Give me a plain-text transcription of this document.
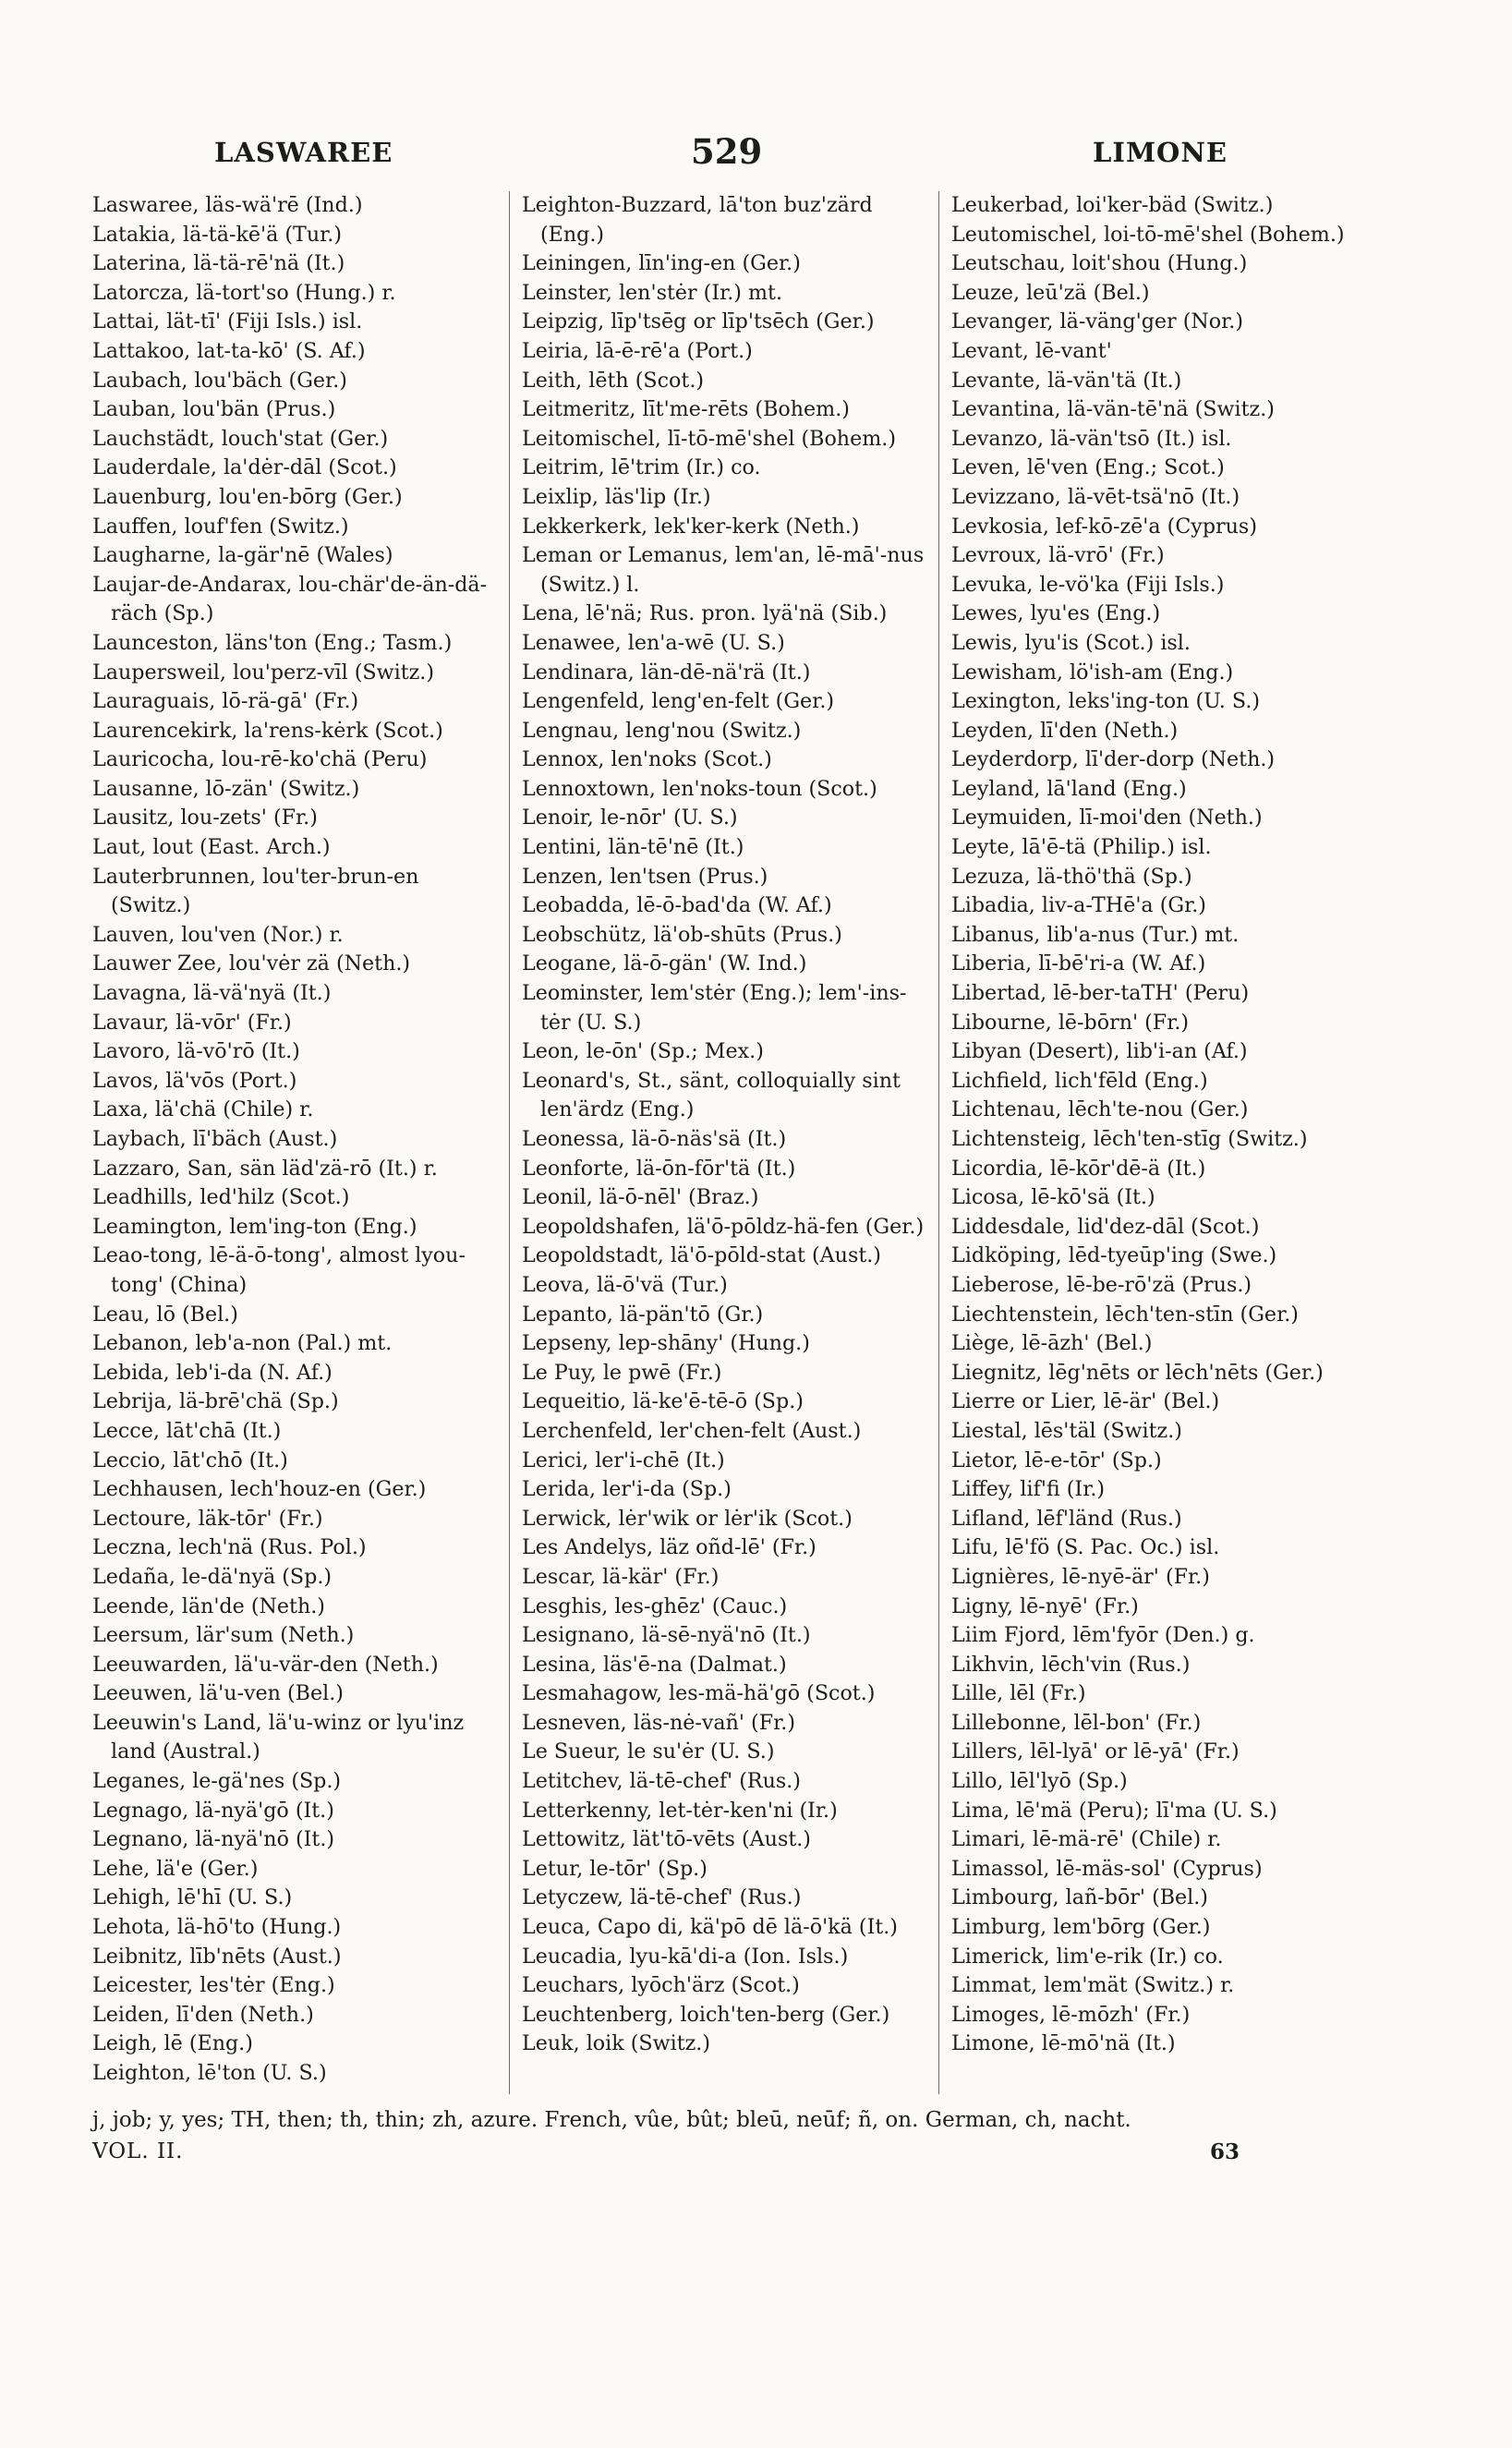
LASWAREE	529	LIMONE
Laswaree, läs-wä'rē (Ind.)
Latakia, lä-tä-kē'ä (Tur.)
Laterina, lä-tä-rē'nä (It.)
Latorcza, lä-tort'so (Hung.) r.
Lattai, lät-tī' (Fiji Isls.) isl.
Lattakoo, lat-ta-kō' (S. Af.)
Laubach, lou'bäch (Ger.)
Lauban, lou'bän (Prus.)
Lauchstädt, louch'stat (Ger.)
Lauderdale, la'dėr-dāl (Scot.)
Lauenburg, lou'en-bōrg (Ger.)
Lauffen, louf'fen (Switz.)
Laugharne, la-gär'nē (Wales)
Laujar-de-Andarax, lou-chär'de-än-dä-räch (Sp.)
Launceston, läns'ton (Eng.; Tasm.)
Laupersweil, lou'perz-vīl (Switz.)
Lauraguais, lō-rä-gā' (Fr.)
Laurencekirk, la'rens-kėrk (Scot.)
Lauricocha, lou-rē-ko'chä (Peru)
Lausanne, lō-zän' (Switz.)
Lausitz, lou-zets' (Fr.)
Laut, lout (East. Arch.)
Lauterbrunnen, lou'ter-brun-en (Switz.)
Lauven, lou'ven (Nor.) r.
Lauwer Zee, lou'vėr zä (Neth.)
Lavagna, lä-vä'nyä (It.)
Lavaur, lä-vōr' (Fr.)
Lavoro, lä-vō'rō (It.)
Lavos, lä'vōs (Port.)
Laxa, lä'chä (Chile) r.
Laybach, lī'bäch (Aust.)
Lazzaro, San, sän läd'zä-rō (It.) r.
Leadhills, led'hilz (Scot.)
Leamington, lem'ing-ton (Eng.)
Leao-tong, lē-ä-ō-tong', almost lyou-tong' (China)
Leau, lō (Bel.)
Lebanon, leb'a-non (Pal.) mt.
Lebida, leb'i-da (N. Af.)
Lebrija, lä-brē'chä (Sp.)
Lecce, lāt'chā (It.)
Leccio, lāt'chō (It.)
Lechhausen, lech'houz-en (Ger.)
Lectoure, läk-tōr' (Fr.)
Leczna, lech'nä (Rus. Pol.)
Ledaña, le-dä'nyä (Sp.)
Leende, län'de (Neth.)
Leersum, lär'sum (Neth.)
Leeuwarden, lä'u-vär-den (Neth.)
Leeuwen, lä'u-ven (Bel.)
Leeuwin's Land, lä'u-winz or lyu'inz land (Austral.)
Leganes, le-gä'nes (Sp.)
Legnago, lä-nyä'gō (It.)
Legnano, lä-nyä'nō (It.)
Lehe, lä'e (Ger.)
Lehigh, lē'hī (U. S.)
Lehota, lä-hō'to (Hung.)
Leibnitz, līb'nēts (Aust.)
Leicester, les'tėr (Eng.)
Leiden, lī'den (Neth.)
Leigh, lē (Eng.)
Leighton, lē'ton (U. S.)
Leighton-Buzzard, lā'ton buz'zärd (Eng.)
Leiningen, līn'ing-en (Ger.)
Leinster, len'stėr (Ir.) mt.
Leipzig, līp'tsēg or līp'tsēch (Ger.)
Leiria, lā-ē-rē'a (Port.)
Leith, lēth (Scot.)
Leitmeritz, līt'me-rēts (Bohem.)
Leitomischel, lī-tō-mē'shel (Bohem.)
Leitrim, lē'trim (Ir.) co.
Leixlip, läs'lip (Ir.)
Lekkerkerk, lek'ker-kerk (Neth.)
Leman or Lemanus, lem'an, lē-mā'-nus (Switz.) l.
Lena, lē'nä; Rus. pron. lyä'nä (Sib.)
Lenawee, len'a-wē (U. S.)
Lendinara, län-dē-nä'rä (It.)
Lengenfeld, leng'en-felt (Ger.)
Lengnau, leng'nou (Switz.)
Lennox, len'noks (Scot.)
Lennoxtown, len'noks-toun (Scot.)
Lenoir, le-nōr' (U. S.)
Lentini, län-tē'nē (It.)
Lenzen, len'tsen (Prus.)
Leobadda, lē-ō-bad'da (W. Af.)
Leobschütz, lä'ob-shūts (Prus.)
Leogane, lä-ō-gän' (W. Ind.)
Leominster, lem'stėr (Eng.); lem'-ins-tėr (U. S.)
Leon, le-ōn' (Sp.; Mex.)
Leonard's, St., sänt, colloquially sint len'ärdz (Eng.)
Leonessa, lä-ō-näs'sä (It.)
Leonforte, lä-ōn-fōr'tä (It.)
Leonil, lä-ō-nēl' (Braz.)
Leopoldshafen, lä'ō-pōldz-hä-fen (Ger.)
Leopoldstadt, lä'ō-pōld-stat (Aust.)
Leova, lä-ō'vä (Tur.)
Lepanto, lä-pän'tō (Gr.)
Lepseny, lep-shāny' (Hung.)
Le Puy, le pwē (Fr.)
Lequeitio, lä-ke'ē-tē-ō (Sp.)
Lerchenfeld, ler'chen-felt (Aust.)
Lerici, ler'i-chē (It.)
Lerida, ler'i-da (Sp.)
Lerwick, lėr'wik or lėr'ik (Scot.)
Les Andelys, läz oñd-lē' (Fr.)
Lescar, lä-kär' (Fr.)
Lesghis, les-ghēz' (Cauc.)
Lesignano, lä-sē-nyä'nō (It.)
Lesina, läs'ē-na (Dalmat.)
Lesmahagow, les-mä-hä'gō (Scot.)
Lesneven, läs-nė-vañ' (Fr.)
Le Sueur, le su'ėr (U. S.)
Letitchev, lä-tē-chef' (Rus.)
Letterkenny, let-tėr-ken'ni (Ir.)
Lettowitz, lät'tō-vēts (Aust.)
Letur, le-tōr' (Sp.)
Letyczew, lä-tē-chef' (Rus.)
Leuca, Capo di, kä'pō dē lä-ō'kä (It.)
Leucadia, lyu-kā'di-a (Ion. Isls.)
Leuchars, lyōch'ärz (Scot.)
Leuchtenberg, loich'ten-berg (Ger.)
Leuk, loik (Switz.)
Leukerbad, loi'ker-bäd (Switz.)
Leutomischel, loi-tō-mē'shel (Bohem.)
Leutschau, loit'shou (Hung.)
Leuze, leū'zä (Bel.)
Levanger, lä-väng'ger (Nor.)
Levant, lē-vant'
Levante, lä-vän'tä (It.)
Levantina, lä-vän-tē'nä (Switz.)
Levanzo, lä-vän'tsō (It.) isl.
Leven, lē'ven (Eng.; Scot.)
Levizzano, lä-vēt-tsä'nō (It.)
Levkosia, lef-kō-zē'a (Cyprus)
Levroux, lä-vrō' (Fr.)
Levuka, le-vö'ka (Fiji Isls.)
Lewes, lyu'es (Eng.)
Lewis, lyu'is (Scot.) isl.
Lewisham, lö'ish-am (Eng.)
Lexington, leks'ing-ton (U. S.)
Leyden, lī'den (Neth.)
Leyderdorp, lī'der-dorp (Neth.)
Leyland, lā'land (Eng.)
Leymuiden, lī-moi'den (Neth.)
Leyte, lā'ē-tä (Philip.) isl.
Lezuza, lä-thö'thä (Sp.)
Libadia, liv-a-THē'a (Gr.)
Libanus, lib'a-nus (Tur.) mt.
Liberia, lī-bē'ri-a (W. Af.)
Libertad, lē-ber-taTH' (Peru)
Libourne, lē-bōrn' (Fr.)
Libyan (Desert), lib'i-an (Af.)
Lichfield, lich'fēld (Eng.)
Lichtenau, lēch'te-nou (Ger.)
Lichtensteig, lēch'ten-stīg (Switz.)
Licordia, lē-kōr'dē-ä (It.)
Licosa, lē-kō'sä (It.)
Liddesdale, lid'dez-dāl (Scot.)
Lidköping, lēd-tyeūp'ing (Swe.)
Lieberose, lē-be-rō'zä (Prus.)
Liechtenstein, lēch'ten-stīn (Ger.)
Liège, lē-āzh' (Bel.)
Liegnitz, lēg'nēts or lēch'nēts (Ger.)
Lierre or Lier, lē-är' (Bel.)
Liestal, lēs'täl (Switz.)
Lietor, lē-e-tōr' (Sp.)
Liffey, lif'fi (Ir.)
Lifland, lēf'länd (Rus.)
Lifu, lē'fö (S. Pac. Oc.) isl.
Lignières, lē-nyē-är' (Fr.)
Ligny, lē-nyē' (Fr.)
Liim Fjord, lēm'fyōr (Den.) g.
Likhvin, lēch'vin (Rus.)
Lille, lēl (Fr.)
Lillebonne, lēl-bon' (Fr.)
Lillers, lēl-lyā' or lē-yā' (Fr.)
Lillo, lēl'lyō (Sp.)
Lima, lē'mä (Peru); lī'ma (U. S.)
Limari, lē-mä-rē' (Chile) r.
Limassol, lē-mäs-sol' (Cyprus)
Limbourg, lañ-bōr' (Bel.)
Limburg, lem'bōrg (Ger.)
Limerick, lim'e-rik (Ir.) co.
Limmat, lem'mät (Switz.) r.
Limoges, lē-mōzh' (Fr.)
Limone, lē-mō'nä (It.)
j, job; y, yes; TH, then; th, thin; zh, azure. French, vûe, bût; bleū, neūf; ñ, on. German, ch, nacht.
VOL. II.	63
